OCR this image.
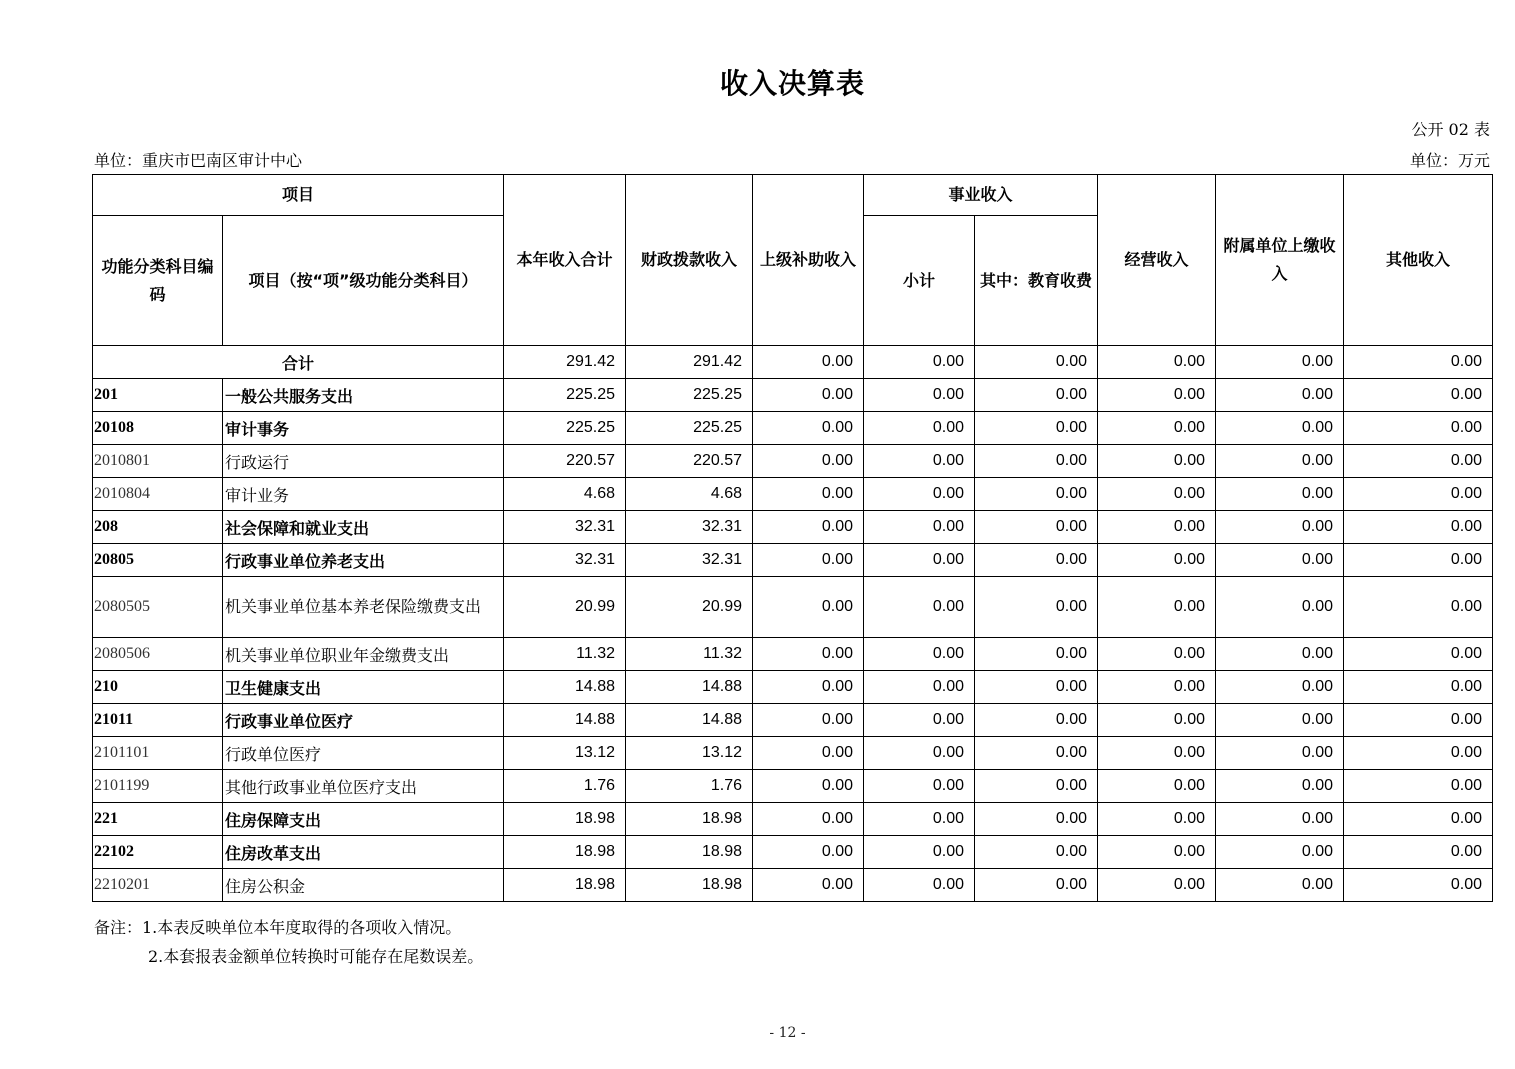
收入决算表
公开 02 表
单位：重庆市巴南区审计中心	单位：万元
项目		本年收入合计	财政拨款收入	上级补助收入	事业收入		经营收入	附属单位上缴收入	其他收入
功能分类科目编码	项目（按“项”级功能分类科目）				小计	其中：教育收费			
合计		291.42	291.42	0.00	0.00	0.00	0.00	0.00	0.00
201	一般公共服务支出	225.25	225.25	0.00	0.00	0.00	0.00	0.00	0.00
20108	审计事务	225.25	225.25	0.00	0.00	0.00	0.00	0.00	0.00
2010801	行政运行	220.57	220.57	0.00	0.00	0.00	0.00	0.00	0.00
2010804	审计业务	4.68	4.68	0.00	0.00	0.00	0.00	0.00	0.00
208	社会保障和就业支出	32.31	32.31	0.00	0.00	0.00	0.00	0.00	0.00
20805	行政事业单位养老支出	32.31	32.31	0.00	0.00	0.00	0.00	0.00	0.00
2080505	机关事业单位基本养老保险缴费支出	20.99	20.99	0.00	0.00	0.00	0.00	0.00	0.00
2080506	机关事业单位职业年金缴费支出	11.32	11.32	0.00	0.00	0.00	0.00	0.00	0.00
210	卫生健康支出	14.88	14.88	0.00	0.00	0.00	0.00	0.00	0.00
21011	行政事业单位医疗	14.88	14.88	0.00	0.00	0.00	0.00	0.00	0.00
2101101	行政单位医疗	13.12	13.12	0.00	0.00	0.00	0.00	0.00	0.00
2101199	其他行政事业单位医疗支出	1.76	1.76	0.00	0.00	0.00	0.00	0.00	0.00
221	住房保障支出	18.98	18.98	0.00	0.00	0.00	0.00	0.00	0.00
22102	住房改革支出	18.98	18.98	0.00	0.00	0.00	0.00	0.00	0.00
2210201	住房公积金	18.98	18.98	0.00	0.00	0.00	0.00	0.00	0.00
备注：1.本表反映单位本年度取得的各项收入情况。
2.本套报表金额单位转换时可能存在尾数误差。
- 12 -
